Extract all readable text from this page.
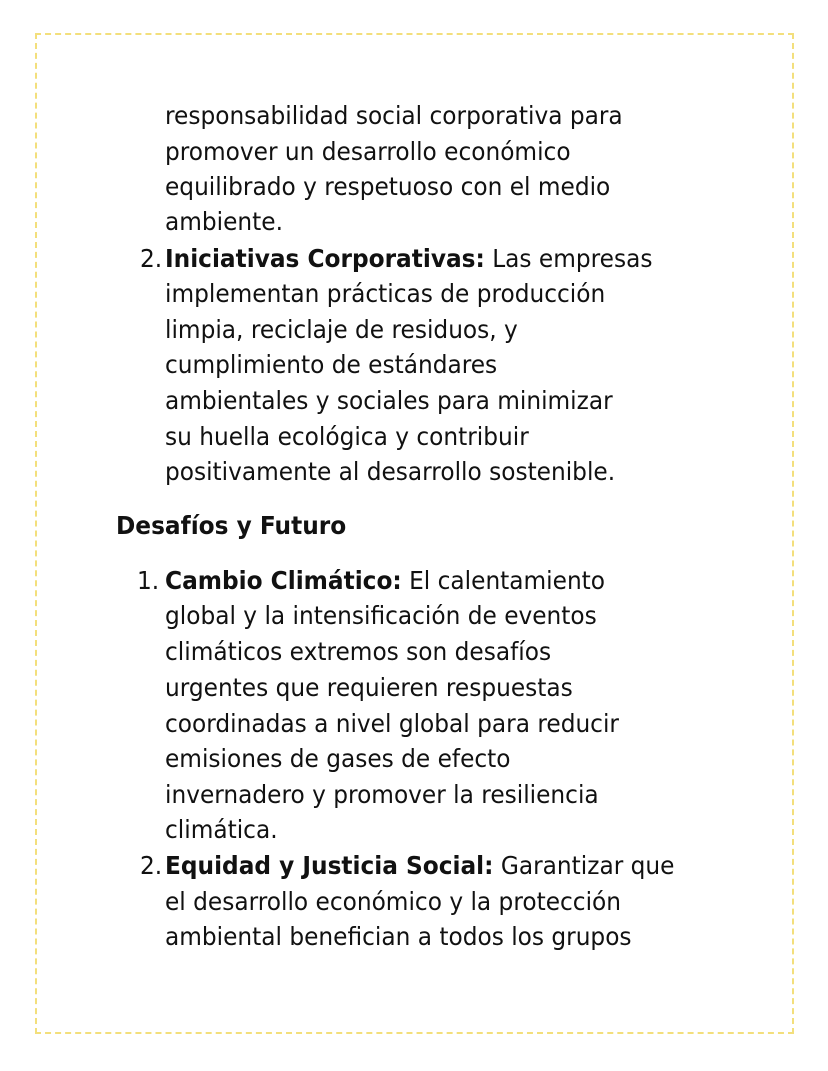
responsabilidad social corporativa para
promover un desarrollo económico
equilibrado y respetuoso con el medio
ambiente.
2. Iniciativas Corporativas: Las empresas
implementan prácticas de producción
limpia, reciclaje de residuos, y
cumplimiento de estándares
ambientales y sociales para minimizar
su huella ecológica y contribuir
positivamente al desarrollo sostenible.
Desafíos y Futuro
1. Cambio Climático: El calentamiento
global y la intensificación de eventos
climáticos extremos son desafíos
urgentes que requieren respuestas
coordinadas a nivel global para reducir
emisiones de gases de efecto
invernadero y promover la resiliencia
climática.
2. Equidad y Justicia Social: Garantizar que
el desarrollo económico y la protección
ambiental benefician a todos los grupos
